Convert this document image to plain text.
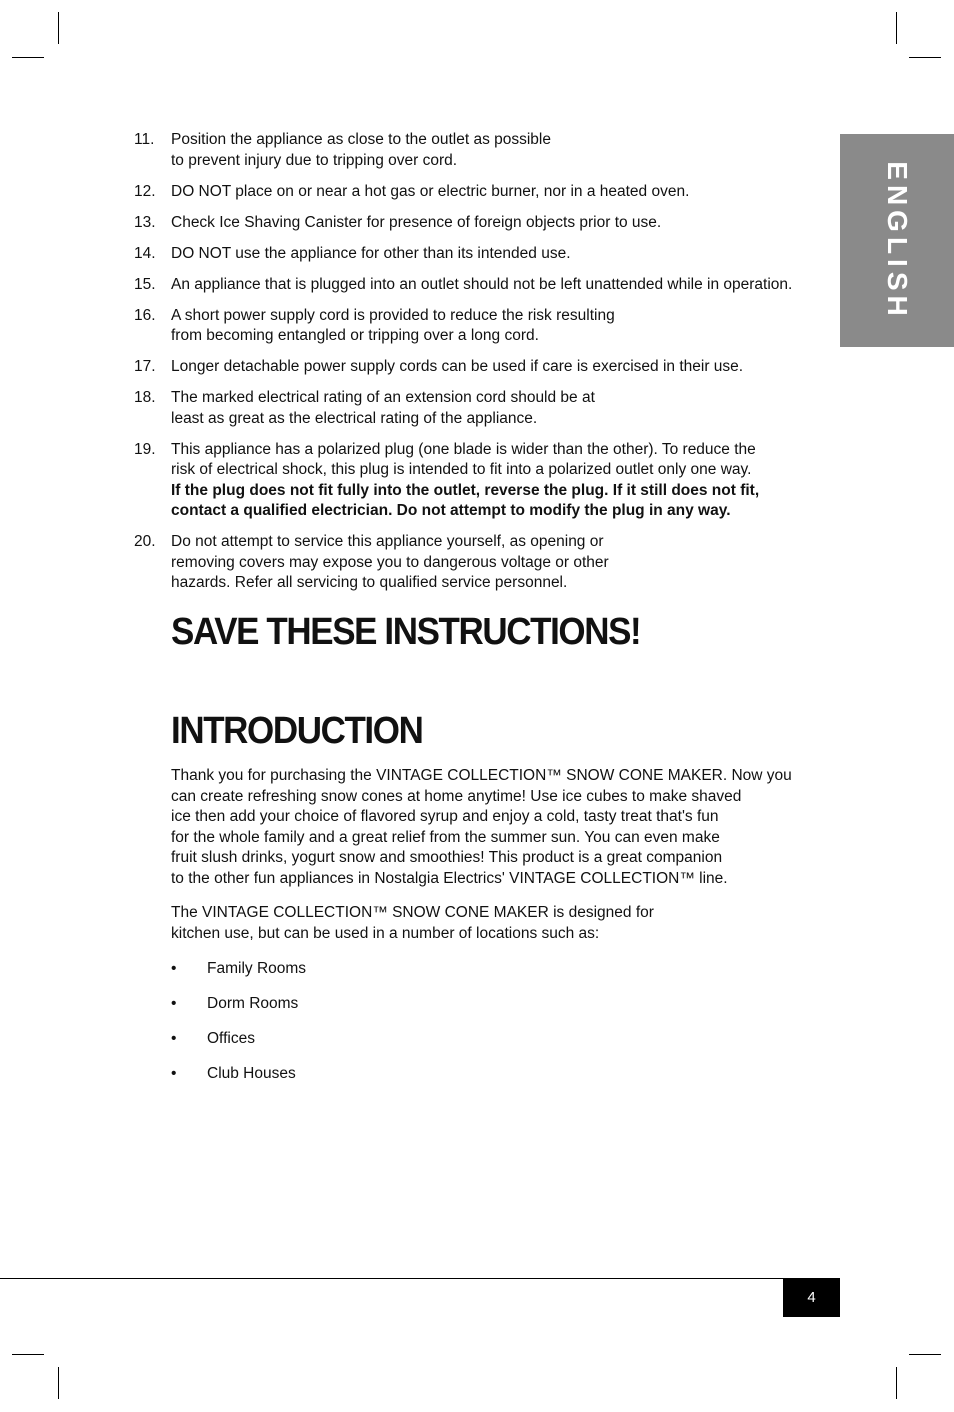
ENGLISH
11. Position the appliance as close to the outlet as possible
to prevent injury due to tripping over cord.
12. DO NOT place on or near a hot gas or electric burner, nor in a heated oven.
13. Check Ice Shaving Canister for presence of foreign objects prior to use.
14. DO NOT use the appliance for other than its intended use.
15. An appliance that is plugged into an outlet should not be left unattended while in operation.
16. A short power supply cord is provided to reduce the risk resulting
from becoming entangled or tripping over a long cord.
17. Longer detachable power supply cords can be used if care is exercised in their use.
18. The marked electrical rating of an extension cord should be at
least as great as the electrical rating of the appliance.
19. This appliance has a polarized plug (one blade is wider than the other). To reduce the
risk of electrical shock, this plug is intended to fit into a polarized outlet only one way.
If the plug does not fit fully into the outlet, reverse the plug. If it still does not fit,
contact a qualified electrician. Do not attempt to modify the plug in any way.
20. Do not attempt to service this appliance yourself, as opening or
removing covers may expose you to dangerous voltage or other
hazards. Refer all servicing to qualified service personnel.
SAVE THESE INSTRUCTIONS!
INTRODUCTION

Thank you for purchasing the VINTAGE COLLECTION™ SNOW CONE MAKER. Now you
can create refreshing snow cones at home anytime! Use ice cubes to make shaved
ice then add your choice of flavored syrup and enjoy a cold, tasty treat that's fun
for the whole family and a great relief from the summer sun. You can even make
fruit slush drinks, yogurt snow and smoothies! This product is a great companion
to the other fun appliances in Nostalgia Electrics' VINTAGE COLLECTION™ line.

The VINTAGE COLLECTION™ SNOW CONE MAKER is designed for
kitchen use, but can be used in a number of locations such as:

• Family Rooms
• Dorm Rooms
• Offices
• Club Houses
4
